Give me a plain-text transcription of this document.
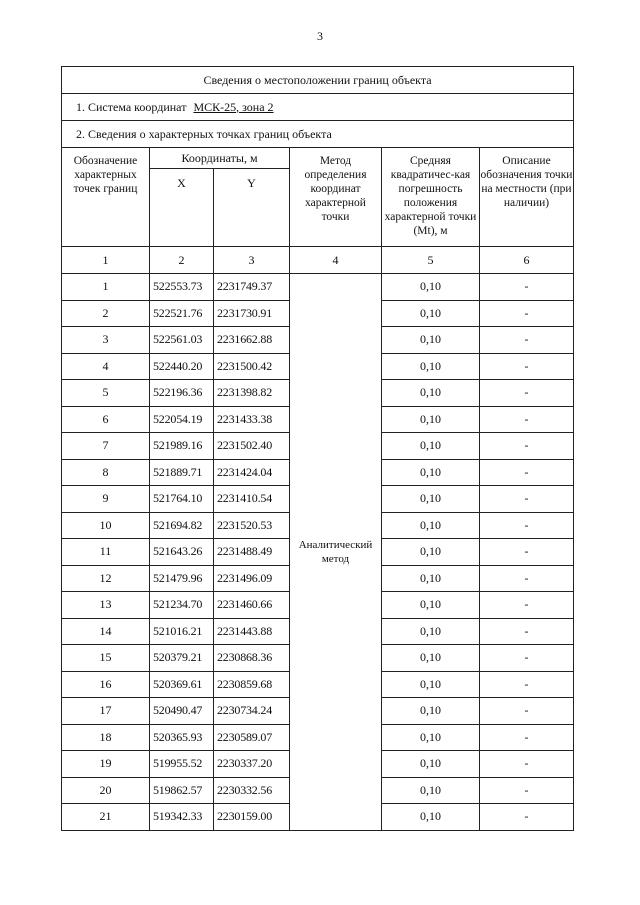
3
Сведения о местоположении границ объекта					
1. Система координат МСК-25, зона 2					
2. Сведения о характерных точках границ объекта					
Обозначение характерных точек границ	Координаты, м		Метод определения координат характерной точки	Средняя квадратичес-кая погрешность положения характерной точки (Mt), м	Описание обозначения точки на местности (при наличии)
	X	Y			
1	2	3	4	5	6
1	522553.73	2231749.37	Аналитический метод	0,10	-
2	522521.76	2231730.91		0,10	-
3	522561.03	2231662.88		0,10	-
4	522440.20	2231500.42		0,10	-
5	522196.36	2231398.82		0,10	-
6	522054.19	2231433.38		0,10	-
7	521989.16	2231502.40		0,10	-
8	521889.71	2231424.04		0,10	-
9	521764.10	2231410.54		0,10	-
10	521694.82	2231520.53		0,10	-
11	521643.26	2231488.49		0,10	-
12	521479.96	2231496.09		0,10	-
13	521234.70	2231460.66		0,10	-
14	521016.21	2231443.88		0,10	-
15	520379.21	2230868.36		0,10	-
16	520369.61	2230859.68		0,10	-
17	520490.47	2230734.24		0,10	-
18	520365.93	2230589.07		0,10	-
19	519955.52	2230337.20		0,10	-
20	519862.57	2230332.56		0,10	-
21	519342.33	2230159.00		0,10	-
